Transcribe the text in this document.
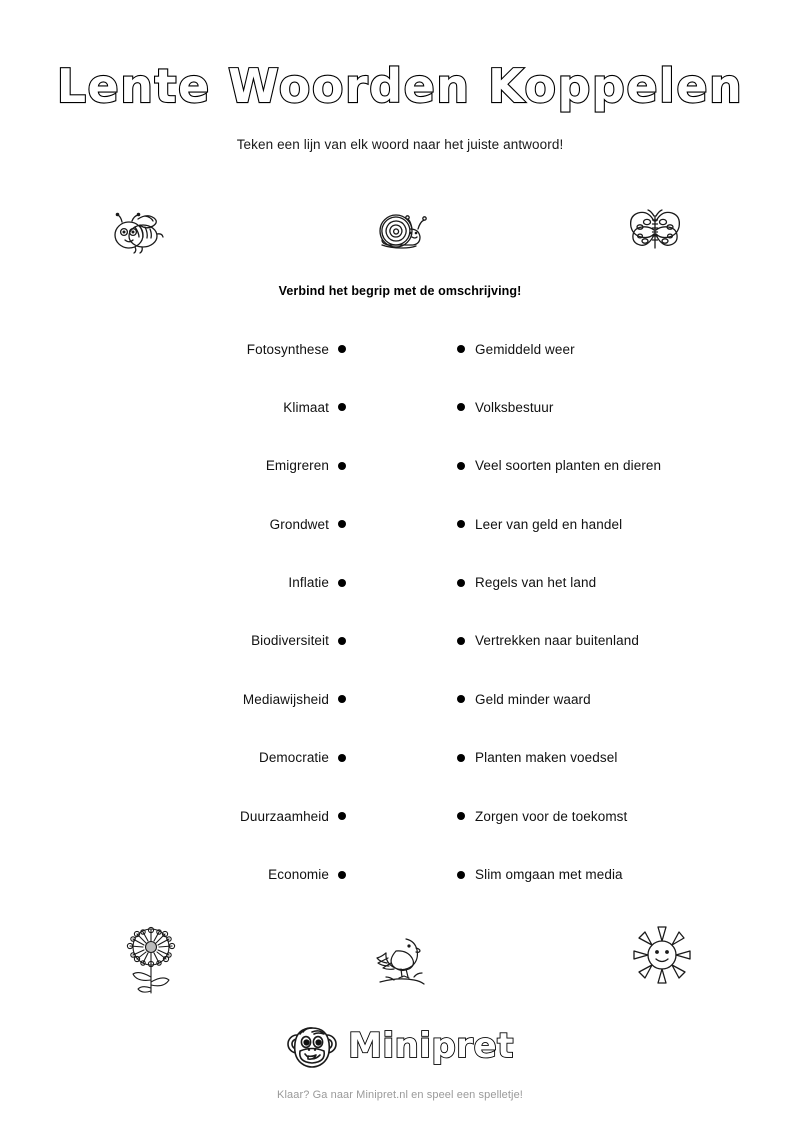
Lente Woorden Koppelen
Teken een lijn van elk woord naar het juiste antwoord!
Verbind het begrip met de omschrijving!
Fotosynthese	Gemiddeld weer
Klimaat	Volksbestuur
Emigreren	Veel soorten planten en dieren
Grondwet	Leer van geld en handel
Inflatie	Regels van het land
Biodiversiteit	Vertrekken naar buitenland
Mediawijsheid	Geld minder waard
Democratie	Planten maken voedsel
Duurzaamheid	Zorgen voor de toekomst
Economie	Slim omgaan met media
Minipret
Klaar? Ga naar Minipret.nl en speel een spelletje!
